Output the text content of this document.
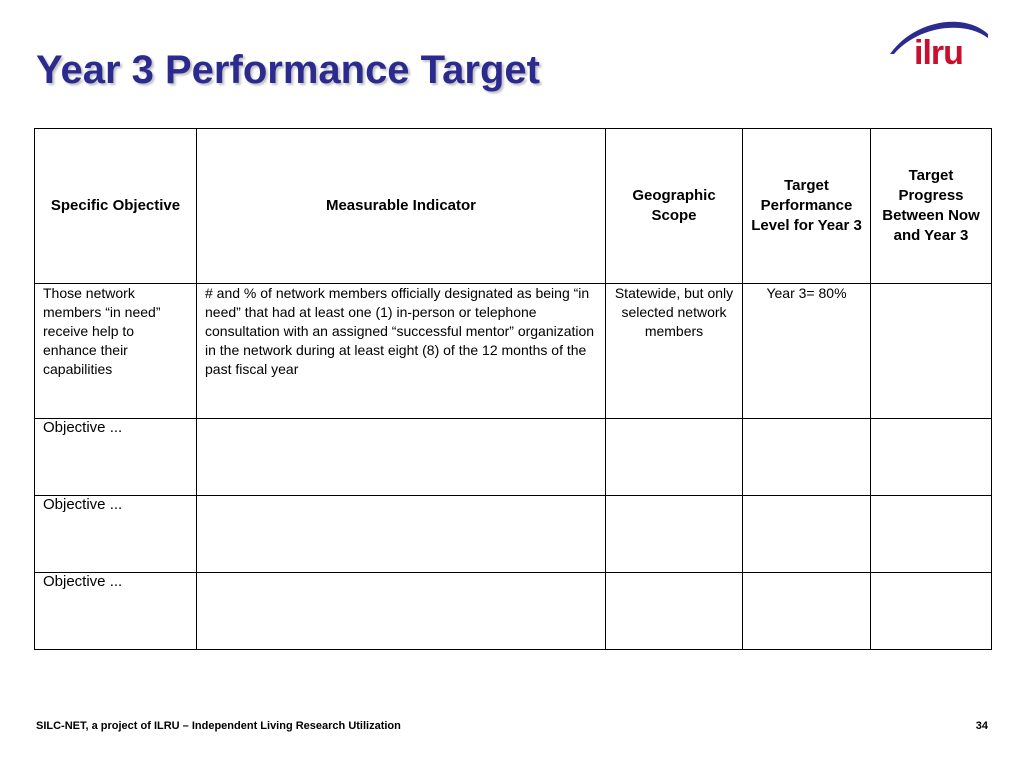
Year 3 Performance Target	ilru
Specific Objective	Measurable Indicator	Geographic Scope	Target Performance Level for Year 3	Target Progress Between Now and Year 3
Those network members “in need” receive help to enhance their capabilities	# and % of network members officially designated as being “in need” that had at least one (1) in-person or telephone consultation with an assigned “successful mentor” organization in the network during at least eight (8) of the 12 months of the past fiscal year	Statewide, but only selected network members	Year 3= 80%	
Objective ...				
Objective ...				
Objective ...				
SILC-NET, a project of ILRU – Independent Living Research Utilization	34
